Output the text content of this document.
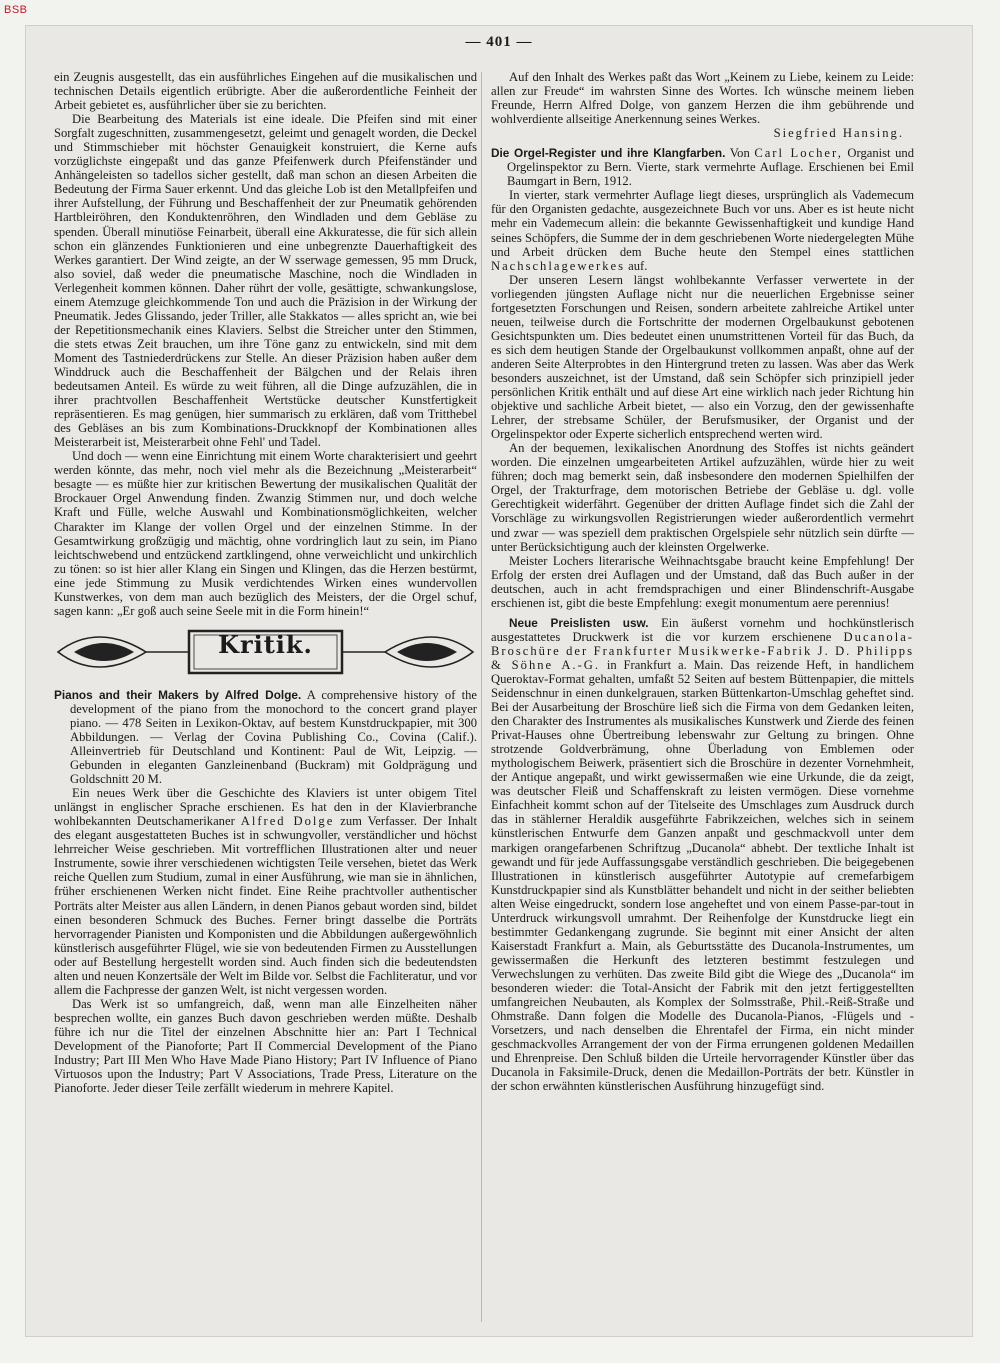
BSB
— 401 —

ein Zeugnis ausgestellt, das ein ausführliches Eingehen auf die musikalischen und technischen Details eigentlich erübrigte. Aber die außerordentliche Feinheit der Arbeit gebietet es, ausführlicher über sie zu berichten.

Die Bearbeitung des Materials ist eine ideale. Die Pfeifen sind mit einer Sorgfalt zugeschnitten, zusammengesetzt, geleimt und genagelt worden, die Deckel und Stimmschieber mit höchster Genauigkeit konstruiert, die Kerne aufs vorzüglichste eingepaßt und das ganze Pfeifenwerk durch Pfeifenständer und Anhängeleisten so tadellos sicher gestellt, daß man schon an diesen Arbeiten die Bedeutung der Firma Sauer erkennt. Und das gleiche Lob ist den Metallpfeifen und ihrer Aufstellung, der Führung und Beschaffenheit der zur Pneumatik gehörenden Hartbleiröhren, den Konduktenröhren, den Windladen und dem Gebläse zu spenden. Überall minutiöse Feinarbeit, überall eine Akkuratesse, die für sich allein schon ein glänzendes Funktionieren und eine unbegrenzte Dauerhaftigkeit des Werkes garantiert. Der Wind zeigte, an der W sserwage gemessen, 95 mm Druck, also soviel, daß weder die pneumatische Maschine, noch die Windladen in Verlegenheit kommen können. Daher rührt der volle, gesättigte, schwankungslose, einem Atemzuge gleichkommende Ton und auch die Präzision in der Wirkung der Pneumatik. Jedes Glissando, jeder Triller, alle Stakkatos — alles spricht an, wie bei der Repetitionsmechanik eines Klaviers. Selbst die Streicher unter den Stimmen, die stets etwas Zeit brauchen, um ihre Töne ganz zu entwickeln, sind mit dem Moment des Tastniederdrückens zur Stelle. An dieser Präzision haben außer dem Winddruck auch die Beschaffenheit der Bälgchen und der Relais ihren bedeutsamen Anteil. Es würde zu weit führen, all die Dinge aufzuzählen, die in ihrer prachtvollen Beschaffenheit Wertstücke deutscher Kunstfertigkeit repräsentieren. Es mag genügen, hier summarisch zu erklären, daß vom Tritthebel des Gebläses an bis zum Kombinations-Druckknopf der Kombinationen alles Meisterarbeit ist, Meisterarbeit ohne Fehl' und Tadel.

Und doch — wenn eine Einrichtung mit einem Worte charakterisiert und geehrt werden könnte, das mehr, noch viel mehr als die Bezeichnung „Meisterarbeit“ besagte — es müßte hier zur kritischen Bewertung der musikalischen Qualität der Brockauer Orgel Anwendung finden. Zwanzig Stimmen nur, und doch welche Kraft und Fülle, welche Auswahl und Kombinationsmöglichkeiten, welcher Charakter im Klange der vollen Orgel und der einzelnen Stimme. In der Gesamtwirkung großzügig und mächtig, ohne vordringlich laut zu sein, im Piano leichtschwebend und entzückend zartklingend, ohne verweichlicht und unkirchlich zu tönen: so ist hier aller Klang ein Singen und Klingen, das die Herzen bestürmt, eine jede Stimmung zu Musik verdichtendes Wirken eines wundervollen Kunstwerkes, von dem man auch bezüglich des Meisters, der die Orgel schuf, sagen kann: „Er goß auch seine Seele mit in die Form hinein!“

Kritik.

Pianos and their Makers by Alfred Dolge. A comprehensive history of the development of the piano from the monochord to the concert grand player piano. — 478 Seiten in Lexikon-Oktav, auf bestem Kunstdruckpapier, mit 300 Abbildungen. — Verlag der Covina Publishing Co., Covina (Calif.). Alleinvertrieb für Deutschland und Kontinent: Paul de Wit, Leipzig. — Gebunden in eleganten Ganzleinenband (Buckram) mit Goldprägung und Goldschnitt 20 M.

Ein neues Werk über die Geschichte des Klaviers ist unter obigem Titel unlängst in englischer Sprache erschienen. Es hat den in der Klavierbranche wohlbekannten Deutschamerikaner Alfred Dolge zum Verfasser. Der Inhalt des elegant ausgestatteten Buches ist in schwungvoller, verständlicher und höchst lehrreicher Weise geschrieben. Mit vortrefflichen Illustrationen alter und neuer Instrumente, sowie ihrer verschiedenen wichtigsten Teile versehen, bietet das Werk reiche Quellen zum Studium, zumal in einer Ausführung, wie man sie in ähnlichen, früher erschienenen Werken nicht findet. Eine Reihe prachtvoller authentischer Porträts alter Meister aus allen Ländern, in denen Pianos gebaut worden sind, bildet einen besonderen Schmuck des Buches. Ferner bringt dasselbe die Porträts hervorragender Pianisten und Komponisten und die Abbildungen außergewöhnlich künstlerisch ausgeführter Flügel, wie sie von bedeutenden Firmen zu Ausstellungen oder auf Bestellung hergestellt worden sind. Auch finden sich die bedeutendsten alten und neuen Konzertsäle der Welt im Bilde vor. Selbst die Fachliteratur, und vor allem die Fachpresse der ganzen Welt, ist nicht vergessen worden.

Das Werk ist so umfangreich, daß, wenn man alle Einzelheiten näher besprechen wollte, ein ganzes Buch davon geschrieben werden müßte. Deshalb führe ich nur die Titel der einzelnen Abschnitte hier an: Part I Technical Development of the Pianoforte; Part II Commercial Development of the Piano Industry; Part III Men Who Have Made Piano History; Part IV Influence of Piano Virtuosos upon the Industry; Part V Associations, Trade Press, Literature on the Pianoforte. Jeder dieser Teile zerfällt wiederum in mehrere Kapitel.

Auf den Inhalt des Werkes paßt das Wort „Keinem zu Liebe, keinem zu Leide: allen zur Freude“ im wahrsten Sinne des Wortes. Ich wünsche meinem lieben Freunde, Herrn Alfred Dolge, von ganzem Herzen die ihm gebührende und wohlverdiente allseitige Anerkennung seines Werkes.

Siegfried Hansing.

Die Orgel-Register und ihre Klangfarben. Von Carl Locher, Organist und Orgelinspektor zu Bern. Vierte, stark vermehrte Auflage. Erschienen bei Emil Baumgart in Bern, 1912.

In vierter, stark vermehrter Auflage liegt dieses, ursprünglich als Vademecum für den Organisten gedachte, ausgezeichnete Buch vor uns. Aber es ist heute nicht mehr ein Vademecum allein: die bekannte Gewissenhaftigkeit und kundige Hand seines Schöpfers, die Summe der in dem geschriebenen Worte niedergelegten Mühe und Arbeit drücken dem Buche heute den Stempel eines stattlichen Nachschlagewerkes auf.

Der unseren Lesern längst wohlbekannte Verfasser verwertete in der vorliegenden jüngsten Auflage nicht nur die neuerlichen Ergebnisse seiner fortgesetzten Forschungen und Reisen, sondern arbeitete zahlreiche Artikel unter neuen, teilweise durch die Fortschritte der modernen Orgelbaukunst gebotenen Gesichtspunkten um. Dies bedeutet einen unumstrittenen Vorteil für das Buch, da es sich dem heutigen Stande der Orgelbaukunst vollkommen anpaßt, ohne auf der anderen Seite Alterprobtes in den Hintergrund treten zu lassen. Was aber das Werk besonders auszeichnet, ist der Umstand, daß sein Schöpfer sich prinzipiell jeder persönlichen Kritik enthält und auf diese Art eine wirklich nach jeder Richtung hin objektive und sachliche Arbeit bietet, — also ein Vorzug, den der gewissenhafte Lehrer, der strebsame Schüler, der Berufsmusiker, der Organist und der Orgelinspektor oder Experte sicherlich entsprechend werten wird.

An der bequemen, lexikalischen Anordnung des Stoffes ist nichts geändert worden. Die einzelnen umgearbeiteten Artikel aufzuzählen, würde hier zu weit führen; doch mag bemerkt sein, daß insbesondere den modernen Spielhilfen der Orgel, der Trakturfrage, dem motorischen Betriebe der Gebläse u. dgl. volle Gerechtigkeit widerfährt. Gegenüber der dritten Auflage findet sich die Zahl der Vorschläge zu wirkungsvollen Registrierungen wieder außerordentlich vermehrt und zwar — was speziell dem praktischen Orgelspiele sehr nützlich sein dürfte — unter Berücksichtigung auch der kleinsten Orgelwerke.

Meister Lochers literarische Weihnachtsgabe braucht keine Empfehlung! Der Erfolg der ersten drei Auflagen und der Umstand, daß das Buch außer in der deutschen, auch in acht fremdsprachigen und einer Blindenschrift-Ausgabe erschienen ist, gibt die beste Empfehlung: exegit monumentum aere perennius!

Neue Preislisten usw. Ein äußerst vornehm und hochkünstlerisch ausgestattetes Druckwerk ist die vor kurzem erschienene Ducanola-Broschüre der Frankfurter Musikwerke-Fabrik J. D. Philipps & Söhne A.-G. in Frankfurt a. Main. Das reizende Heft, in handlichem Queroktav-Format gehalten, umfaßt 52 Seiten auf bestem Büttenpapier, die mittels Seidenschnur in einen dunkelgrauen, starken Büttenkarton-Umschlag geheftet sind. Bei der Ausarbeitung der Broschüre ließ sich die Firma von dem Gedanken leiten, den Charakter des Instrumentes als musikalisches Kunstwerk und Zierde des feinen Privat-Hauses ohne Übertreibung lebenswahr zur Geltung zu bringen. Ohne strotzende Goldverbrämung, ohne Überladung von Emblemen oder mythologischem Beiwerk, präsentiert sich die Broschüre in dezenter Vornehmheit, der Antique angepaßt, und wirkt gewissermaßen wie eine Urkunde, die da zeigt, was deutscher Fleiß und Schaffenskraft zu leisten vermögen. Diese vornehme Einfachheit kommt schon auf der Titelseite des Umschlages zum Ausdruck durch das in stählerner Heraldik ausgeführte Fabrikzeichen, welches sich in seinem künstlerischen Entwurfe dem Ganzen anpaßt und geschmackvoll unter dem markigen orangefarbenen Schriftzug „Ducanola“ abhebt. Der textliche Inhalt ist gewandt und für jede Auffassungsgabe verständlich geschrieben. Die beigegebenen Illustrationen in künstlerisch ausgeführter Autotypie auf cremefarbigem Kunstdruckpapier sind als Kunstblätter behandelt und nicht in der seither beliebten alten Weise eingedruckt, sondern lose angeheftet und von einem Passe-par-tout in Unterdruck wirkungsvoll umrahmt. Der Reihenfolge der Kunstdrucke liegt ein bestimmter Gedankengang zugrunde. Sie beginnt mit einer Ansicht der alten Kaiserstadt Frankfurt a. Main, als Geburtsstätte des Ducanola-Instrumentes, um gewissermaßen die Herkunft des letzteren bestimmt festzulegen und Verwechslungen zu verhüten. Das zweite Bild gibt die Wiege des „Ducanola“ im besonderen wieder: die Total-Ansicht der Fabrik mit den jetzt fertiggestellten umfangreichen Neubauten, als Komplex der Solmsstraße, Phil.-Reiß-Straße und Ohmstraße. Dann folgen die Modelle des Ducanola-Pianos, -Flügels und -Vorsetzers, und nach denselben die Ehrentafel der Firma, ein nicht minder geschmackvolles Arrangement der von der Firma errungenen goldenen Medaillen und Ehrenpreise. Den Schluß bilden die Urteile hervorragender Künstler über das Ducanola in Faksimile-Druck, denen die Medaillon-Porträts der betr. Künstler in der schon erwähnten künstlerischen Ausführung hinzugefügt sind.
